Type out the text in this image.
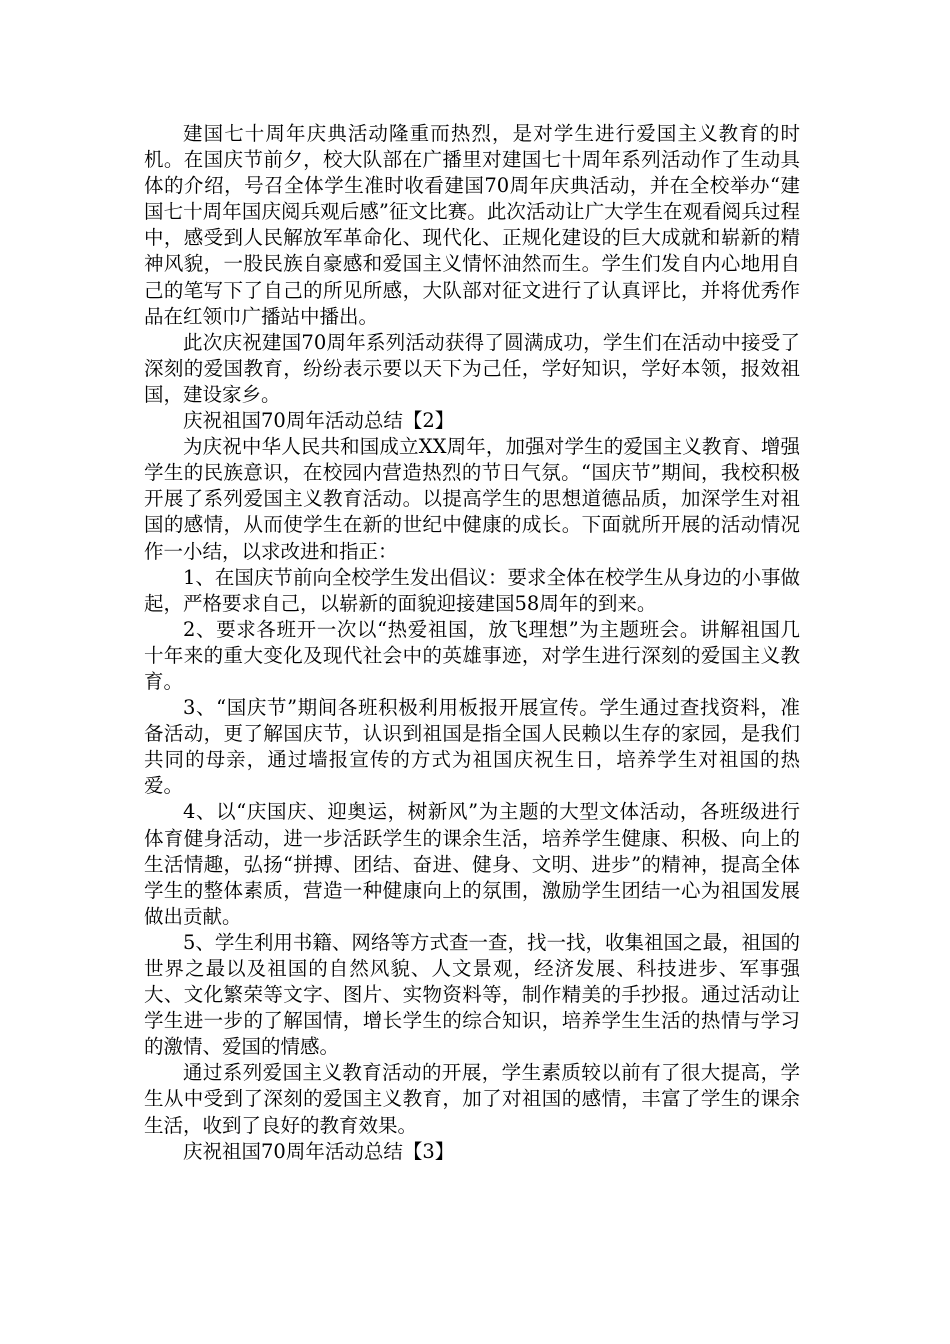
建国七十周年庆典活动隆重而热烈，是对学生进行爱国主义教育的时机。在国庆节前夕，校大队部在广播里对建国七十周年系列活动作了生动具体的介绍，号召全体学生准时收看建国70周年庆典活动，并在全校举办“建国七十周年国庆阅兵观后感”征文比赛。此次活动让广大学生在观看阅兵过程中，感受到人民解放军革命化、现代化、正规化建设的巨大成就和崭新的精神风貌，一股民族自豪感和爱国主义情怀油然而生。学生们发自内心地用自己的笔写下了自己的所见所感，大队部对征文进行了认真评比，并将优秀作品在红领巾广播站中播出。

此次庆祝建国70周年系列活动获得了圆满成功，学生们在活动中接受了深刻的爱国教育，纷纷表示要以天下为己任，学好知识，学好本领，报效祖国，建设家乡。

庆祝祖国70周年活动总结【2】

为庆祝中华人民共和国成立XX周年，加强对学生的爱国主义教育、增强学生的民族意识，在校园内营造热烈的节日气氛。“国庆节”期间，我校积极开展了系列爱国主义教育活动。以提高学生的思想道德品质，加深学生对祖国的感情，从而使学生在新的世纪中健康的成长。下面就所开展的活动情况作一小结，以求改进和指正：

1、在国庆节前向全校学生发出倡议：要求全体在校学生从身边的小事做起，严格要求自己，以崭新的面貌迎接建国58周年的到来。

2、要求各班开一次以“热爱祖国，放飞理想”为主题班会。讲解祖国几十年来的重大变化及现代社会中的英雄事迹，对学生进行深刻的爱国主义教育。

3、“国庆节”期间各班积极利用板报开展宣传。学生通过查找资料，准备活动，更了解国庆节，认识到祖国是指全国人民赖以生存的家园，是我们共同的母亲，通过墙报宣传的方式为祖国庆祝生日，培养学生对祖国的热爱。

4、以“庆国庆、迎奥运，树新风”为主题的大型文体活动，各班级进行体育健身活动，进一步活跃学生的课余生活，培养学生健康、积极、向上的生活情趣，弘扬“拼搏、团结、奋进、健身、文明、进步”的精神，提高全体学生的整体素质，营造一种健康向上的氛围，激励学生团结一心为祖国发展做出贡献。

5、学生利用书籍、网络等方式查一查，找一找，收集祖国之最，祖国的世界之最以及祖国的自然风貌、人文景观，经济发展、科技进步、军事强大、文化繁荣等文字、图片、实物资料等，制作精美的手抄报。通过活动让学生进一步的了解国情，增长学生的综合知识，培养学生生活的热情与学习的激情、爱国的情感。

通过系列爱国主义教育活动的开展，学生素质较以前有了很大提高，学生从中受到了深刻的爱国主义教育，加了对祖国的感情，丰富了学生的课余生活，收到了良好的教育效果。

庆祝祖国70周年活动总结【3】
